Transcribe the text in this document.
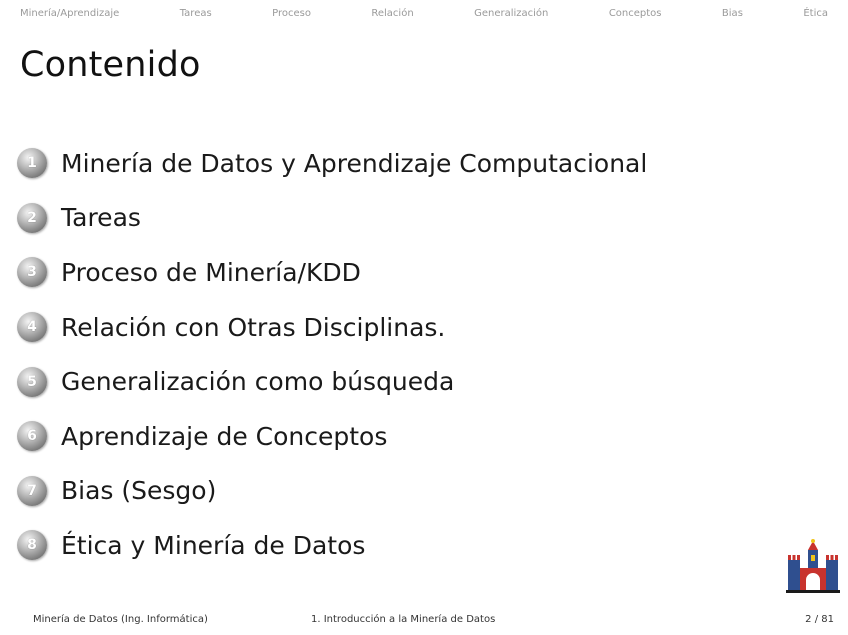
Minería/Aprendizaje	Tareas	Proceso	Relación	Generalización	Conceptos	Bias	Ética
Contenido
1 Minería de Datos y Aprendizaje Computacional
2 Tareas
3 Proceso de Minería/KDD
4 Relación con Otras Disciplinas.
5 Generalización como búsqueda
6 Aprendizaje de Conceptos
7 Bias (Sesgo)
8 Ética y Minería de Datos
Minería de Datos (Ing. Informática)	1. Introducción a la Minería de Datos	2 / 81
